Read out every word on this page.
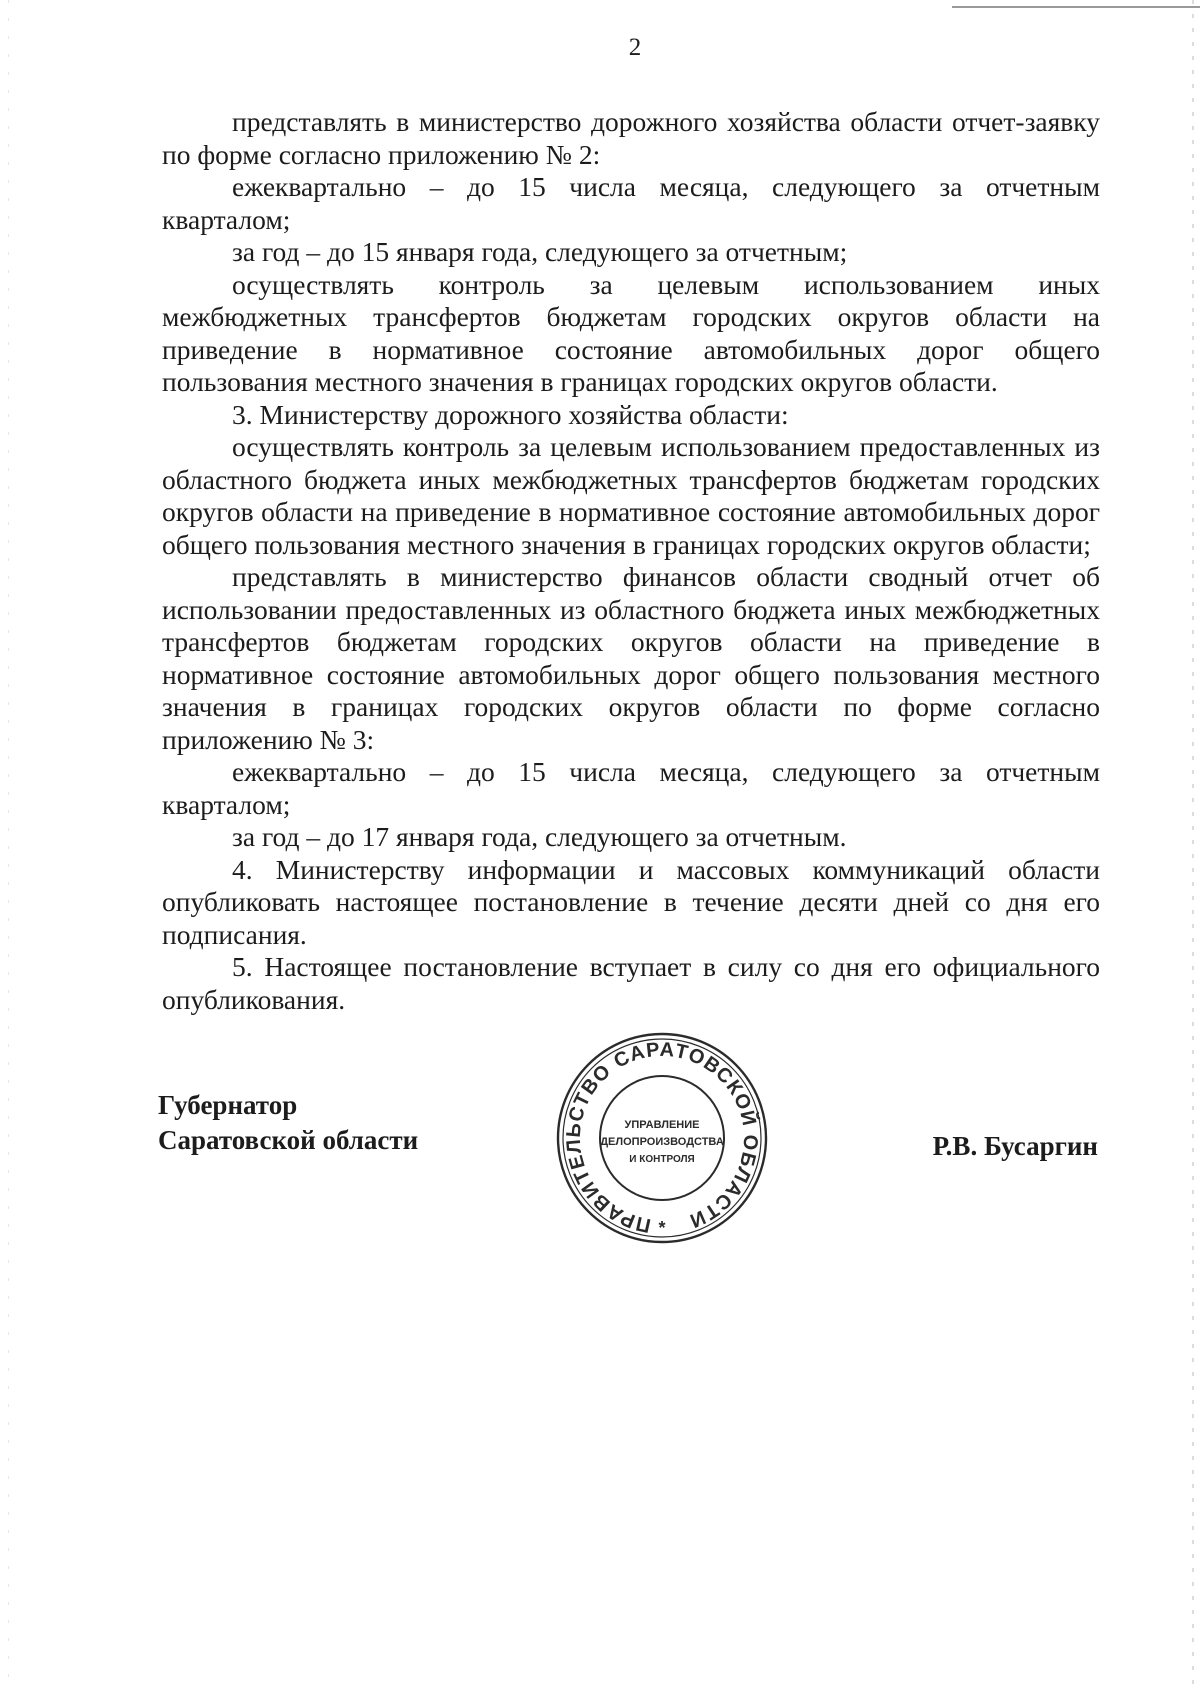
2

представлять в министерство дорожного хозяйства области отчет-заявку по форме согласно приложению № 2:

ежеквартально – до 15 числа месяца, следующего за отчетным кварталом;

за год – до 15 января года, следующего за отчетным;

осуществлять контроль за целевым использованием иных межбюджетных трансфертов бюджетам городских округов области на приведение в нормативное состояние автомобильных дорог общего пользования местного значения в границах городских округов области.

3. Министерству дорожного хозяйства области:

осуществлять контроль за целевым использованием предоставленных из областного бюджета иных межбюджетных трансфертов бюджетам городских округов области на приведение в нормативное состояние автомобильных дорог общего пользования местного значения в границах городских округов области;

представлять в министерство финансов области сводный отчет об использовании предоставленных из областного бюджета иных межбюджетных трансфертов бюджетам городских округов области на приведение в нормативное состояние автомобильных дорог общего пользования местного значения в границах городских округов области по форме согласно приложению № 3:

ежеквартально – до 15 числа месяца, следующего за отчетным кварталом;

за год – до 17 января года, следующего за отчетным.

4. Министерству информации и массовых коммуникаций области опубликовать настоящее постановление в течение десяти дней со дня его подписания.

5. Настоящее постановление вступает в силу со дня его официального опубликования.

Губернатор
Саратовской области
ПРАВИТЕЛЬСТВО САРАТОВСКОЙ ОБЛАСТИ
УПРАВЛЕНИЕ
ДЕЛОПРОИЗВОДСТВА
И КОНТРОЛЯ
*
Р.В. Бусаргин
